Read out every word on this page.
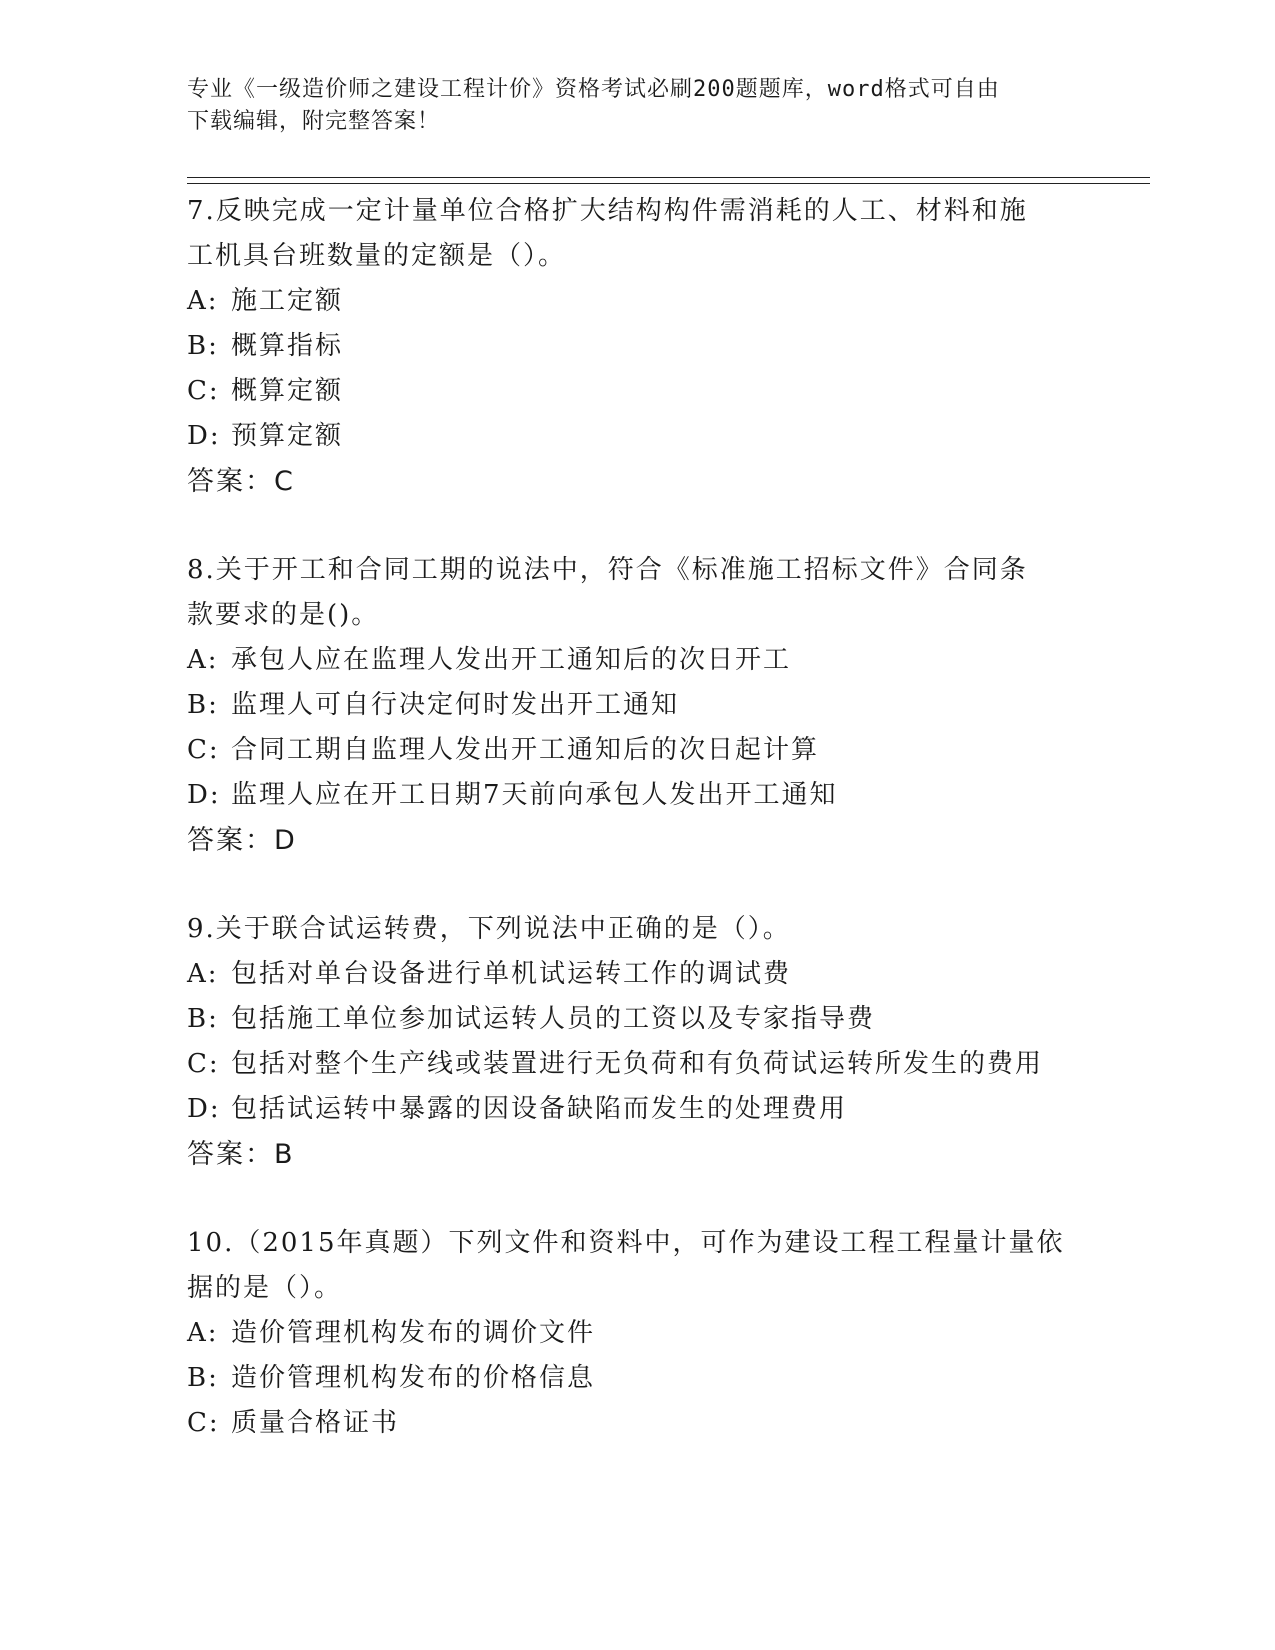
专业《一级造价师之建设工程计价》资格考试必刷200题题库，word格式可自由
下载编辑，附完整答案！
7.反映完成一定计量单位合格扩大结构构件需消耗的人工、材料和施
工机具台班数量的定额是（）。
A: 施工定额
B: 概算指标
C: 概算定额
D: 预算定额
答案：C
8.关于开工和合同工期的说法中，符合《标准施工招标文件》合同条
款要求的是()。
A: 承包人应在监理人发出开工通知后的次日开工
B: 监理人可自行决定何时发出开工通知
C: 合同工期自监理人发出开工通知后的次日起计算
D: 监理人应在开工日期7天前向承包人发出开工通知
答案：D
9.关于联合试运转费，下列说法中正确的是（）。
A: 包括对单台设备进行单机试运转工作的调试费
B: 包括施工单位参加试运转人员的工资以及专家指导费
C: 包括对整个生产线或装置进行无负荷和有负荷试运转所发生的费用
D: 包括试运转中暴露的因设备缺陷而发生的处理费用
答案：B
10.（2015年真题）下列文件和资料中，可作为建设工程工程量计量依
据的是（）。
A: 造价管理机构发布的调价文件
B: 造价管理机构发布的价格信息
C: 质量合格证书
